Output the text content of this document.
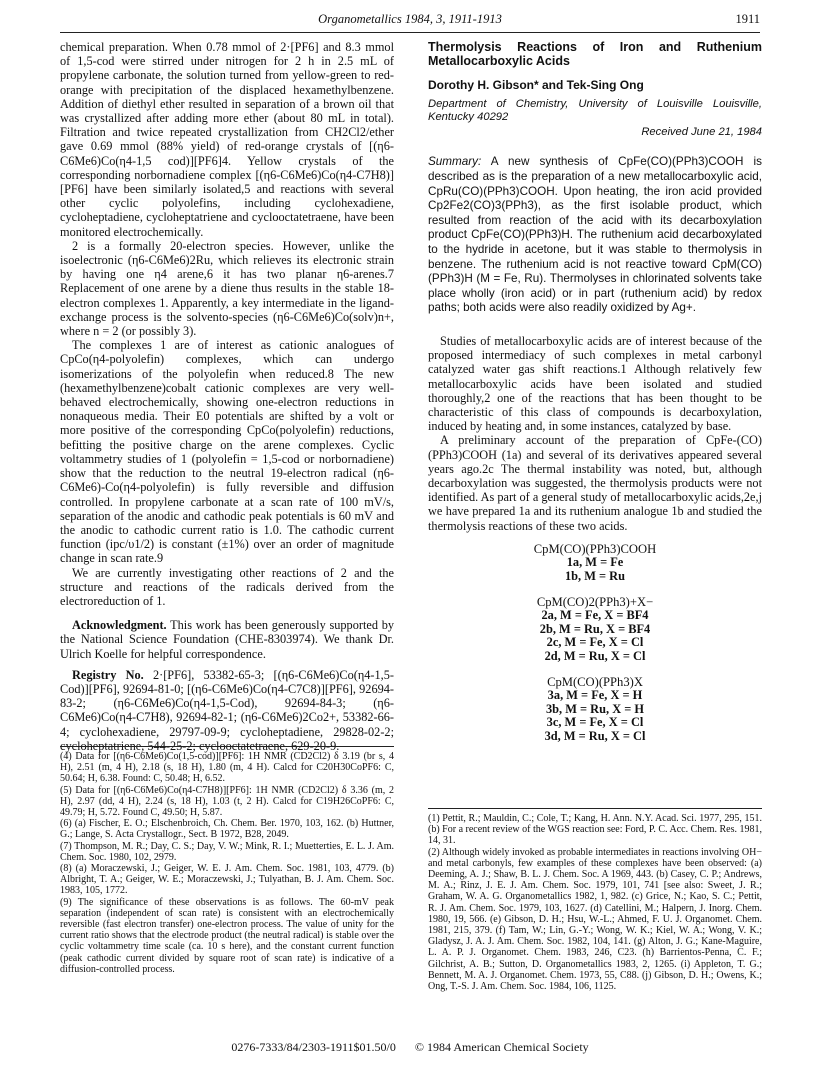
Organometallics 1984, 3, 1911-1913	1911

chemical preparation. When 0.78 mmol of 2·[PF6] and 8.3 mmol of 1,5-cod were stirred under nitrogen for 2 h in 2.5 mL of propylene carbonate, the solution turned from yellow-green to red-orange with precipitation of the displaced hexamethylbenzene. Addition of diethyl ether resulted in separation of a brown oil that was crystallized after adding more ether (about 80 mL in total). Filtration and twice repeated crystallization from CH2Cl2/ether gave 0.69 mmol (88% yield) of red-orange crystals of [(η6-C6Me6)Co(η4-1,5 cod)][PF6]4. Yellow crystals of the corresponding norbornadiene complex [(η6-C6Me6)Co(η4-C7H8)][PF6] have been similarly isolated,5 and reactions with several other cyclic polyolefins, including cyclohexadiene, cycloheptadiene, cycloheptatriene and cyclooctatetraene, have been monitored electrochemically.

2 is a formally 20-electron species. However, unlike the isoelectronic (η6-C6Me6)2Ru, which relieves its electronic strain by having one η4 arene,6 it has two planar η6-arenes.7 Replacement of one arene by a diene thus results in the stable 18-electron complexes 1. Apparently, a key intermediate in the ligand-exchange process is the solvento-species (η6-C6Me6)Co(solv)n+, where n = 2 (or possibly 3).

The complexes 1 are of interest as cationic analogues of CpCo(η4-polyolefin) complexes, which can undergo isomerizations of the polyolefin when reduced.8 The new (hexamethylbenzene)cobalt cationic complexes are very well-behaved electrochemically, showing one-electron reductions in nonaqueous media. Their E0 potentials are shifted by a volt or more positive of the corresponding CpCo(polyolefin) reductions, befitting the positive charge on the arene complexes. Cyclic voltammetry studies of 1 (polyolefin = 1,5-cod or norbornadiene) show that the reduction to the neutral 19-electron radical (η6-C6Me6)-Co(η4-polyolefin) is fully reversible and diffusion controlled. In propylene carbonate at a scan rate of 100 mV/s, separation of the anodic and cathodic peak potentials is 60 mV and the anodic to cathodic current ratio is 1.0. The cathodic current function (ipc/υ1/2) is constant (±1%) over an order of magnitude change in scan rate.9

We are currently investigating other reactions of 2 and the structure and reactions of the radicals derived from the electroreduction of 1.

Acknowledgment. This work has been generously supported by the National Science Foundation (CHE-8303974). We thank Dr. Ulrich Koelle for helpful correspondence.

Registry No. 2·[PF6], 53382-65-3; [(η6-C6Me6)Co(η4-1,5-Cod)][PF6], 92694-81-0; [(η6-C6Me6)Co(η4-C7C8)][PF6], 92694-83-2; (η6-C6Me6)Co(η4-1,5-Cod), 92694-84-3; (η6-C6Me6)Co(η4-C7H8), 92694-82-1; (η6-C6Me6)2Co2+, 53382-66-4; cyclohexadiene, 29797-09-9; cycloheptadiene, 29828-02-2; cycloheptatriene, 544-25-2; cyclooctatetraene, 629-20-9.

(4) Data for [(η6-C6Me6)Co(1,5-cod)][PF6]: 1H NMR (CD2Cl2) δ 3.19 (br s, 4 H), 2.51 (m, 4 H), 2.18 (s, 18 H), 1.80 (m, 4 H). Calcd for C20H30CoPF6: C, 50.64; H, 6.38. Found: C, 50.48; H, 6.52.

(5) Data for [(η6-C6Me6)Co(η4-C7H8)][PF6]: 1H NMR (CD2Cl2) δ 3.36 (m, 2 H), 2.97 (dd, 4 H), 2.24 (s, 18 H), 1.03 (t, 2 H). Calcd for C19H26CoPF6: C, 49.79; H, 5.72. Found C, 49.50; H, 5.87.

(6) (a) Fischer, E. O.; Elschenbroich, Ch. Chem. Ber. 1970, 103, 162. (b) Huttner, G.; Lange, S. Acta Crystallogr., Sect. B 1972, B28, 2049.

(7) Thompson, M. R.; Day, C. S.; Day, V. W.; Mink, R. I.; Muetterties, E. L. J. Am. Chem. Soc. 1980, 102, 2979.

(8) (a) Moraczewski, J.; Geiger, W. E. J. Am. Chem. Soc. 1981, 103, 4779. (b) Albright, T. A.; Geiger, W. E.; Moraczewski, J.; Tulyathan, B. J. Am. Chem. Soc. 1983, 105, 1772.

(9) The significance of these observations is as follows. The 60-mV peak separation (independent of scan rate) is consistent with an electrochemically reversible (fast electron transfer) one-electron process. The value of unity for the current ratio shows that the electrode product (the neutral radical) is stable over the cyclic voltammetry time scale (ca. 10 s here), and the constant current function (peak cathodic current divided by square root of scan rate) is indicative of a diffusion-controlled process.

Thermolysis Reactions of Iron and Ruthenium Metallocarboxylic Acids

Dorothy H. Gibson* and Tek-Sing Ong

Department of Chemistry, University of Louisville Louisville, Kentucky 40292

Received June 21, 1984

Summary: A new synthesis of CpFe(CO)(PPh3)COOH is described as is the preparation of a new metallocarboxylic acid, CpRu(CO)(PPh3)COOH. Upon heating, the iron acid provided Cp2Fe2(CO)3(PPh3), as the first isolable product, which resulted from reaction of the acid with its decarboxylation product CpFe(CO)(PPh3)H. The ruthenium acid decarboxylated to the hydride in acetone, but it was stable to thermolysis in benzene. The ruthenium acid is not reactive toward CpM(CO)(PPh3)H (M = Fe, Ru). Thermolyses in chlorinated solvents take place wholly (iron acid) or in part (ruthenium acid) by redox paths; both acids were also readily oxidized by Ag+.

Studies of metallocarboxylic acids are of interest because of the proposed intermediacy of such complexes in metal carbonyl catalyzed water gas shift reactions.1 Although relatively few metallocarboxylic acids have been isolated and studied thoroughly,2 one of the reactions that has been thought to be characteristic of this class of compounds is decarboxylation, induced by heating and, in some instances, catalyzed by base.

A preliminary account of the preparation of CpFe-(CO)(PPh3)COOH (1a) and several of its derivatives appeared several years ago.2c The thermal instability was noted, but, although decarboxylation was suggested, the thermolysis products were not identified. As part of a general study of metallocarboxylic acids,2e,j we have prepared 1a and its ruthenium analogue 1b and studied the thermolysis reactions of these two acids.

CpM(CO)(PPh3)COOH
1a, M = Fe
1b, M = Ru
CpM(CO)2(PPh3)+X−
2a, M = Fe, X = BF4
2b, M = Ru, X = BF4
2c, M = Fe, X = Cl
2d, M = Ru, X = Cl
CpM(CO)(PPh3)X
3a, M = Fe, X = H
3b, M = Ru, X = H
3c, M = Fe, X = Cl
3d, M = Ru, X = Cl

(1) Pettit, R.; Mauldin, C.; Cole, T.; Kang, H. Ann. N.Y. Acad. Sci. 1977, 295, 151. (b) For a recent review of the WGS reaction see: Ford, P. C. Acc. Chem. Res. 1981, 14, 31.

(2) Although widely invoked as probable intermediates in reactions involving OH− and metal carbonyls, few examples of these complexes have been observed: (a) Deeming, A. J.; Shaw, B. L. J. Chem. Soc. A 1969, 443. (b) Casey, C. P.; Andrews, M. A.; Rinz, J. E. J. Am. Chem. Soc. 1979, 101, 741 [see also: Sweet, J. R.; Graham, W. A. G. Organometallics 1982, 1, 982. (c) Grice, N.; Kao, S. C.; Pettit, R. J. Am. Chem. Soc. 1979, 103, 1627. (d) Catellini, M.; Halpern, J. Inorg. Chem. 1980, 19, 566. (e) Gibson, D. H.; Hsu, W.-L.; Ahmed, F. U. J. Organomet. Chem. 1981, 215, 379. (f) Tam, W.; Lin, G.-Y.; Wong, W. K.; Kiel, W. A.; Wong, V. K.; Gladysz, J. A. J. Am. Chem. Soc. 1982, 104, 141. (g) Alton, J. G.; Kane-Maguire, L. A. P. J. Organomet. Chem. 1983, 246, C23. (h) Barrientos-Penna, C. F.; Gilchrist, A. B.; Sutton, D. Organometallics 1983, 2, 1265. (i) Appleton, T. G.; Bennett, M. A. J. Organomet. Chem. 1973, 55, C88. (j) Gibson, D. H.; Owens, K.; Ong, T.-S. J. Am. Chem. Soc. 1984, 106, 1125.

0276-7333/84/2303-1911$01.50/0 © 1984 American Chemical Society
